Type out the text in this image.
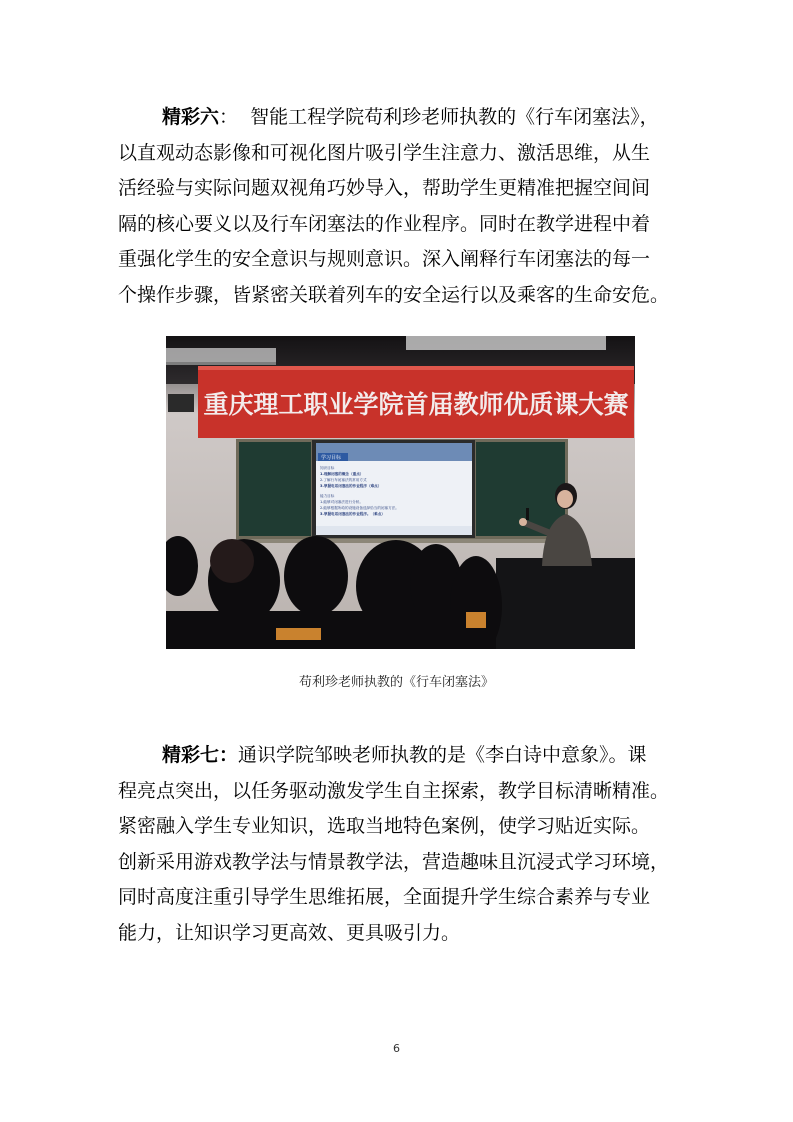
精彩六： 智能工程学院苟利珍老师执教的《行车闭塞法》，
以直观动态影像和可视化图片吸引学生注意力、激活思维，从生
活经验与实际问题双视角巧妙导入，帮助学生更精准把握空间间
隔的核心要义以及行车闭塞法的作业程序。同时在教学进程中着
重强化学生的安全意识与规则意识。深入阐释行车闭塞法的每一
个操作步骤，皆紧密关联着列车的安全运行以及乘客的生命安危。
重庆理工职业学院首届教师优质课大赛
学习目标
知识目标
1.理解闭塞的概念（重点）
2.了解行车闭塞法的常用方式
3.掌握电话闭塞法的作业程序（难点）
能力目标
1.能够对闭塞法进行分析。
2.能够根据所给的设施设备选择恰当的闭塞方法。
3.掌握电话闭塞法的作业程序。（难点）
苟利珍老师执教的《行车闭塞法》
精彩七：通识学院邹映老师执教的是《李白诗中意象》。课
程亮点突出，以任务驱动激发学生自主探索，教学目标清晰精准。
紧密融入学生专业知识，选取当地特色案例，使学习贴近实际。
创新采用游戏教学法与情景教学法，营造趣味且沉浸式学习环境，
同时高度注重引导学生思维拓展，全面提升学生综合素养与专业
能力，让知识学习更高效、更具吸引力。
6
